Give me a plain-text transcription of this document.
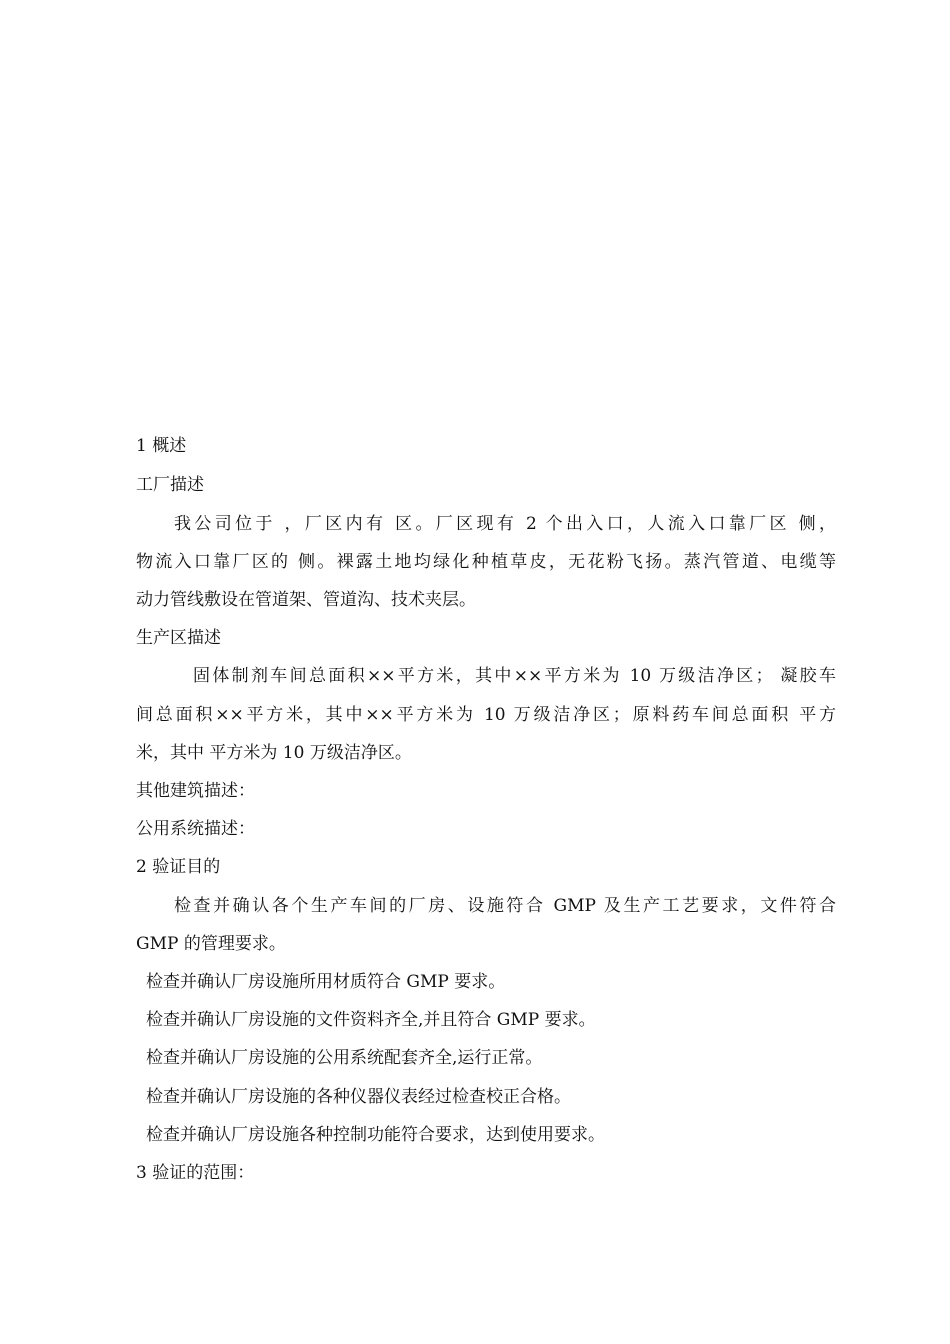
1 概述
工厂描述
我公司位于 ，厂区内有 区。厂区现有 2 个出入口，人流入口靠厂区 侧，
物流入口靠厂区的 侧。裸露土地均绿化种植草皮，无花粉飞扬。蒸汽管道、电缆等
动力管线敷设在管道架、管道沟、技术夹层。
生产区描述
固体制剂车间总面积××平方米，其中××平方米为 10 万级洁净区； 凝胶车
间总面积××平方米，其中××平方米为 10 万级洁净区；原料药车间总面积 平方
米，其中 平方米为 10 万级洁净区。
其他建筑描述：
公用系统描述：
2 验证目的
检查并确认各个生产车间的厂房、设施符合 GMP 及生产工艺要求，文件符合
GMP 的管理要求。
检查并确认厂房设施所用材质符合 GMP 要求。
检查并确认厂房设施的文件资料齐全,并且符合 GMP 要求。
检查并确认厂房设施的公用系统配套齐全,运行正常。
检查并确认厂房设施的各种仪器仪表经过检查校正合格。
检查并确认厂房设施各种控制功能符合要求，达到使用要求。
3 验证的范围：
